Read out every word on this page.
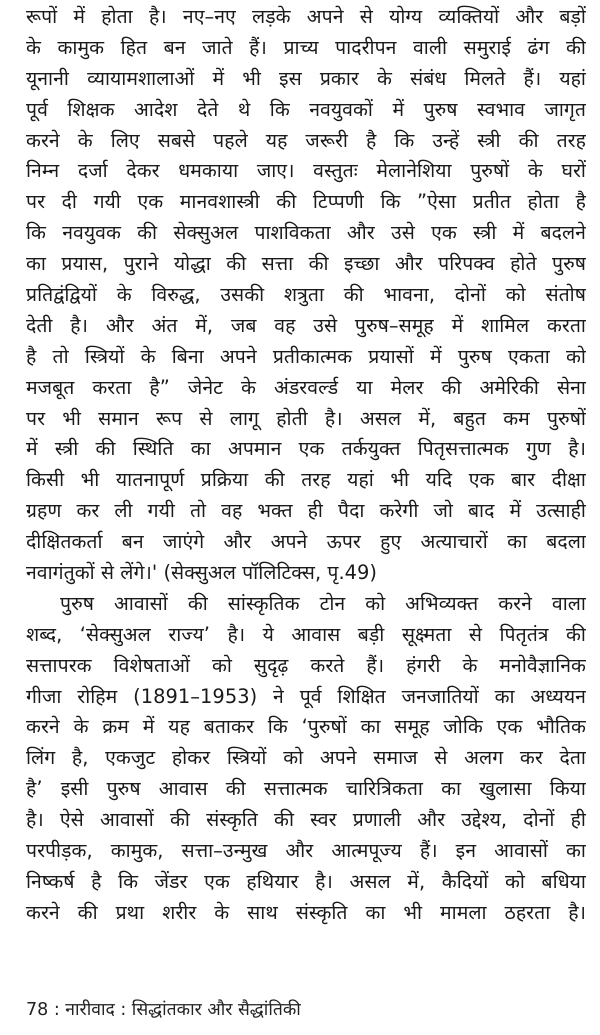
रूपों में होता है। नए–नए लड़के अपने से योग्य व्यक्तियों और बड़ों
के कामुक हित बन जाते हैं। प्राच्य पादरीपन वाली समुराई ढंग की
यूनानी व्यायामशालाओं में भी इस प्रकार के संबंध मिलते हैं। यहां
पूर्व शिक्षक आदेश देते थे कि नवयुवकों में पुरुष स्वभाव जागृत
करने के लिए सबसे पहले यह जरूरी है कि उन्हें स्त्री की तरह
निम्न दर्जा देकर धमकाया जाए। वस्तुतः मेलानेशिया पुरुषों के घरों
पर दी गयी एक मानवशास्त्री की टिप्पणी कि ”ऐसा प्रतीत होता है
कि नवयुवक की सेक्सुअल पाशविकता और उसे एक स्त्री में बदलने
का प्रयास, पुराने योद्धा की सत्ता की इच्छा और परिपक्व होते पुरुष
प्रतिद्वंद्वियों के विरुद्ध, उसकी शत्रुता की भावना, दोनों को संतोष
देती है। और अंत में, जब वह उसे पुरुष–समूह में शामिल करता
है तो स्त्रियों के बिना अपने प्रतीकात्मक प्रयासों में पुरुष एकता को
मजबूत करता है” जेनेट के अंडरवर्ल्ड या मेलर की अमेरिकी सेना
पर भी समान रूप से लागू होती है। असल में, बहुत कम पुरुषों
में स्त्री की स्थिति का अपमान एक तर्कयुक्त पितृसत्तात्मक गुण है।
किसी भी यातनापूर्ण प्रक्रिया की तरह यहां भी यदि एक बार दीक्षा
ग्रहण कर ली गयी तो वह भक्त ही पैदा करेगी जो बाद में उत्साही
दीक्षितकर्ता बन जाएंगे और अपने ऊपर हुए अत्याचारों का बदला
नवागंतुकों से लेंगे।' (सेक्सुअल पॉलिटिक्स, पृ.49)
पुरुष आवासों की सांस्कृतिक टोन को अभिव्यक्त करने वाला
शब्द, ‘सेक्सुअल राज्य’ है। ये आवास बड़ी सूक्ष्मता से पितृतंत्र की
सत्तापरक विशेषताओं को सुदृढ़ करते हैं। हंगरी के मनोवैज्ञानिक
गीजा रोहिम (1891–1953) ने पूर्व शिक्षित जनजातियों का अध्ययन
करने के क्रम में यह बताकर कि ‘पुरुषों का समूह जोकि एक भौतिक
लिंग है, एकजुट होकर स्त्रियों को अपने समाज से अलग कर देता
है’ इसी पुरुष आवास की सत्तात्मक चारित्रिकता का खुलासा किया
है। ऐसे आवासों की संस्कृति की स्वर प्रणाली और उद्देश्य, दोनों ही
परपीड़क, कामुक, सत्ता–उन्मुख और आत्मपूज्य हैं। इन आवासों का
निष्कर्ष है कि जेंडर एक हथियार है। असल में, कैदियों को बधिया
करने की प्रथा शरीर के साथ संस्कृति का भी मामला ठहरता है।
78 : नारीवाद : सिद्धांतकार और सैद्धांतिकी
